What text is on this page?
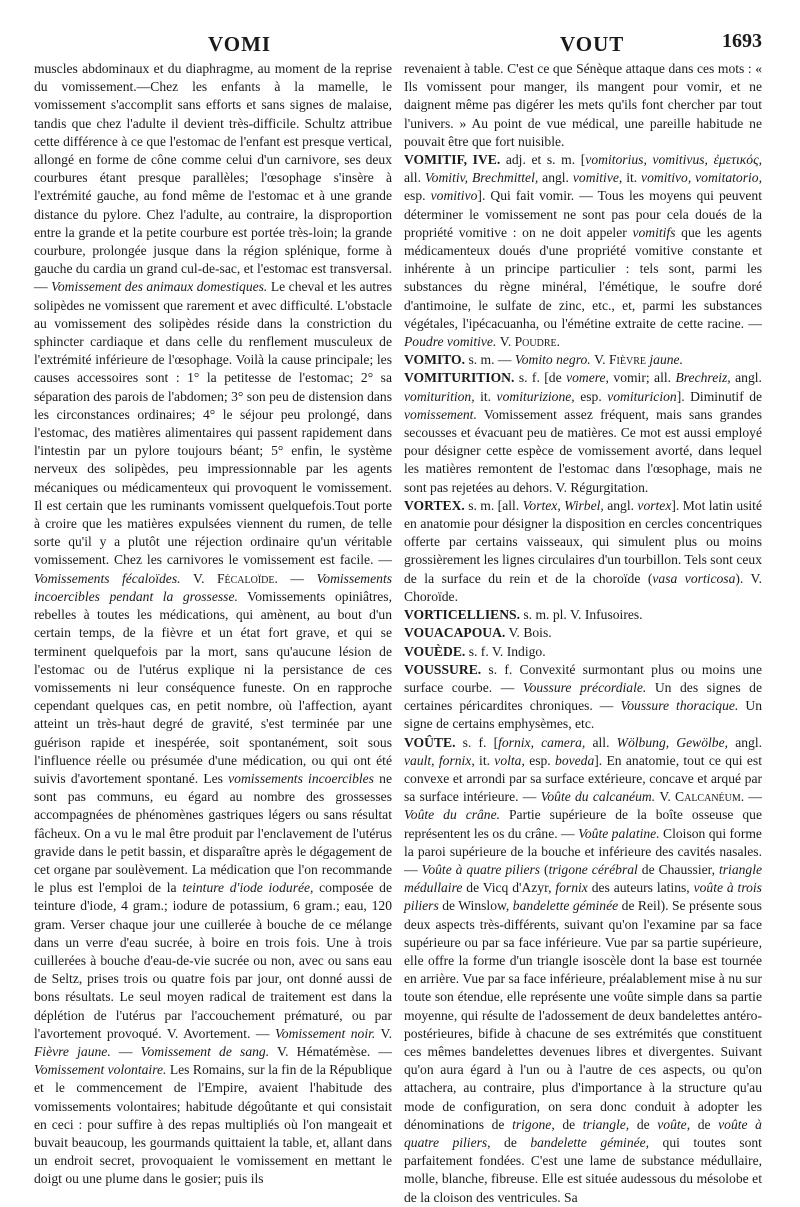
VOMI	VOUT	1693

muscles abdominaux et du diaphragme, au moment de la reprise du vomissement.—Chez les enfants à la mamelle, le vomissement s'accomplit sans efforts et sans signes de malaise, tandis que chez l'adulte il devient très-difficile. Schultz attribue cette différence à ce que l'estomac de l'enfant est presque vertical, allongé en forme de cône comme celui d'un carnivore, ses deux courbures étant presque parallèles; l'œsophage s'insère à l'extrémité gauche, au fond même de l'estomac et à une grande distance du pylore. Chez l'adulte, au contraire, la disproportion entre la grande et la petite courbure est portée très-loin; la grande courbure, prolongée jusque dans la région splénique, forme à gauche du cardia un grand cul-de-sac, et l'estomac est transversal. — Vomissement des animaux domestiques. Le cheval et les autres solipèdes ne vomissent que rarement et avec difficulté. L'obstacle au vomissement des solipèdes réside dans la constriction du sphincter cardiaque et dans celle du renflement musculeux de l'extrémité inférieure de l'œsophage. Voilà la cause principale; les causes accessoires sont : 1° la petitesse de l'estomac; 2° sa séparation des parois de l'abdomen; 3° son peu de distension dans les circonstances ordinaires; 4° le séjour peu prolongé, dans l'estomac, des matières alimentaires qui passent rapidement dans l'intestin par un pylore toujours béant; 5° enfin, le système nerveux des solipèdes, peu impressionnable par les agents mécaniques ou médicamenteux qui provoquent le vomissement. Il est certain que les ruminants vomissent quelquefois.Tout porte à croire que les matières expulsées viennent du rumen, de telle sorte qu'il y a plutôt une réjection ordinaire qu'un véritable vomissement. Chez les carnivores le vomissement est facile. — Vomissements fécaloïdes. V. Fécaloïde. — Vomissements incoercibles pendant la grossesse. Vomissements opiniâtres, rebelles à toutes les médications, qui amènent, au bout d'un certain temps, de la fièvre et un état fort grave, et qui se terminent quelquefois par la mort, sans qu'aucune lésion de l'estomac ou de l'utérus explique ni la persistance de ces vomissements ni leur conséquence funeste. On en rapproche cependant quelques cas, en petit nombre, où l'affection, ayant atteint un très-haut degré de gravité, s'est terminée par une guérison rapide et inespérée, soit spontanément, soit sous l'influence réelle ou présumée d'une médication, ou qui ont été suivis d'avortement spontané. Les vomissements incoercibles ne sont pas communs, eu égard au nombre des grossesses accompagnées de phénomènes gastriques légers ou sans résultat fâcheux. On a vu le mal être produit par l'enclavement de l'utérus gravide dans le petit bassin, et disparaître après le dégagement de cet organe par soulèvement. La médication que l'on recommande le plus est l'emploi de la teinture d'iode iodurée, composée de teinture d'iode, 4 gram.; iodure de potassium, 6 gram.; eau, 120 gram. Verser chaque jour une cuillerée à bouche de ce mélange dans un verre d'eau sucrée, à boire en trois fois. Une à trois cuillerées à bouche d'eau-de-vie sucrée ou non, avec ou sans eau de Seltz, prises trois ou quatre fois par jour, ont donné aussi de bons résultats. Le seul moyen radical de traitement est dans la déplétion de l'utérus par l'accouchement prématuré, ou par l'avortement provoqué. V. Avortement. — Vomissement noir. V. Fièvre jaune. — Vomissement de sang. V. Hématémèse. — Vomissement volontaire. Les Romains, sur la fin de la République et le commencement de l'Empire, avaient l'habitude des vomissements volontaires; habitude dégoûtante et qui consistait en ceci : pour suffire à des repas multipliés où l'on mangeait et buvait beaucoup, les gourmands quittaient la table, et, allant dans un endroit secret, provoquaient le vomissement en mettant le doigt ou une plume dans le gosier; puis ils

revenaient à table. C'est ce que Sénèque attaque dans ces mots : « Ils vomissent pour manger, ils mangent pour vomir, et ne daignent même pas digérer les mets qu'ils font chercher par tout l'univers. » Au point de vue médical, une pareille habitude ne pouvait être que fort nuisible.

VOMITIF, IVE. adj. et s. m. [vomitorius, vomitivus, ἐμετικός, all. Vomitiv, Brechmittel, angl. vomitive, it. vomitivo, vomitatorio, esp. vomitivo]. Qui fait vomir. — Tous les moyens qui peuvent déterminer le vomissement ne sont pas pour cela doués de la propriété vomitive : on ne doit appeler vomitifs que les agents médicamenteux doués d'une propriété vomitive constante et inhérente à un principe particulier : tels sont, parmi les substances du règne minéral, l'émétique, le soufre doré d'antimoine, le sulfate de zinc, etc., et, parmi les substances végétales, l'ipécacuanha, ou l'émétine extraite de cette racine. — Poudre vomitive. V. Poudre.

VOMITO. s. m. — Vomito negro. V. Fièvre jaune.

VOMITURITION. s. f. [de vomere, vomir; all. Brechreiz, angl. vomiturition, it. vomiturizione, esp. vomituricion]. Diminutif de vomissement. Vomissement assez fréquent, mais sans grandes secousses et évacuant peu de matières. Ce mot est aussi employé pour désigner cette espèce de vomissement avorté, dans lequel les matières remontent de l'estomac dans l'œsophage, mais ne sont pas rejetées au dehors. V. Régurgitation.

VORTEX. s. m. [all. Vortex, Wirbel, angl. vortex]. Mot latin usité en anatomie pour désigner la disposition en cercles concentriques offerte par certains vaisseaux, qui simulent plus ou moins grossièrement les lignes circulaires d'un tourbillon. Tels sont ceux de la surface du rein et de la choroïde (vasa vorticosa). V. Choroïde.

VORTICELLIENS. s. m. pl. V. Infusoires.

VOUACAPOUA. V. Bois.

VOUÈDE. s. f. V. Indigo.

VOUSSURE. s. f. Convexité surmontant plus ou moins une surface courbe. — Voussure précordiale. Un des signes de certaines péricardites chroniques. — Voussure thoracique. Un signe de certains emphysèmes, etc.

VOÛTE. s. f. [fornix, camera, all. Wölbung, Gewölbe, angl. vault, fornix, it. volta, esp. boveda]. En anatomie, tout ce qui est convexe et arrondi par sa surface extérieure, concave et arqué par sa surface intérieure. — Voûte du calcanéum. V. Calcanéum. — Voûte du crâne. Partie supérieure de la boîte osseuse que représentent les os du crâne. — Voûte palatine. Cloison qui forme la paroi supérieure de la bouche et inférieure des cavités nasales. — Voûte à quatre piliers (trigone cérébral de Chaussier, triangle médullaire de Vicq d'Azyr, fornix des auteurs latins, voûte à trois piliers de Winslow, bandelette géminée de Reil). Se présente sous deux aspects très-différents, suivant qu'on l'examine par sa face supérieure ou par sa face inférieure. Vue par sa partie supérieure, elle offre la forme d'un triangle isoscèle dont la base est tournée en arrière. Vue par sa face inférieure, préalablement mise à nu sur toute son étendue, elle représente une voûte simple dans sa partie moyenne, qui résulte de l'adossement de deux bandelettes antéro-postérieures, bifide à chacune de ses extrémités que constituent ces mêmes bandelettes devenues libres et divergentes. Suivant qu'on aura égard à l'un ou à l'autre de ces aspects, ou qu'on attachera, au contraire, plus d'importance à la structure qu'au mode de configuration, on sera donc conduit à adopter les dénominations de trigone, de triangle, de voûte, de voûte à quatre piliers, de bandelette géminée, qui toutes sont parfaitement fondées. C'est une lame de substance médullaire, molle, blanche, fibreuse. Elle est située audessous du mésolobe et de la cloison des ventricules. Sa
